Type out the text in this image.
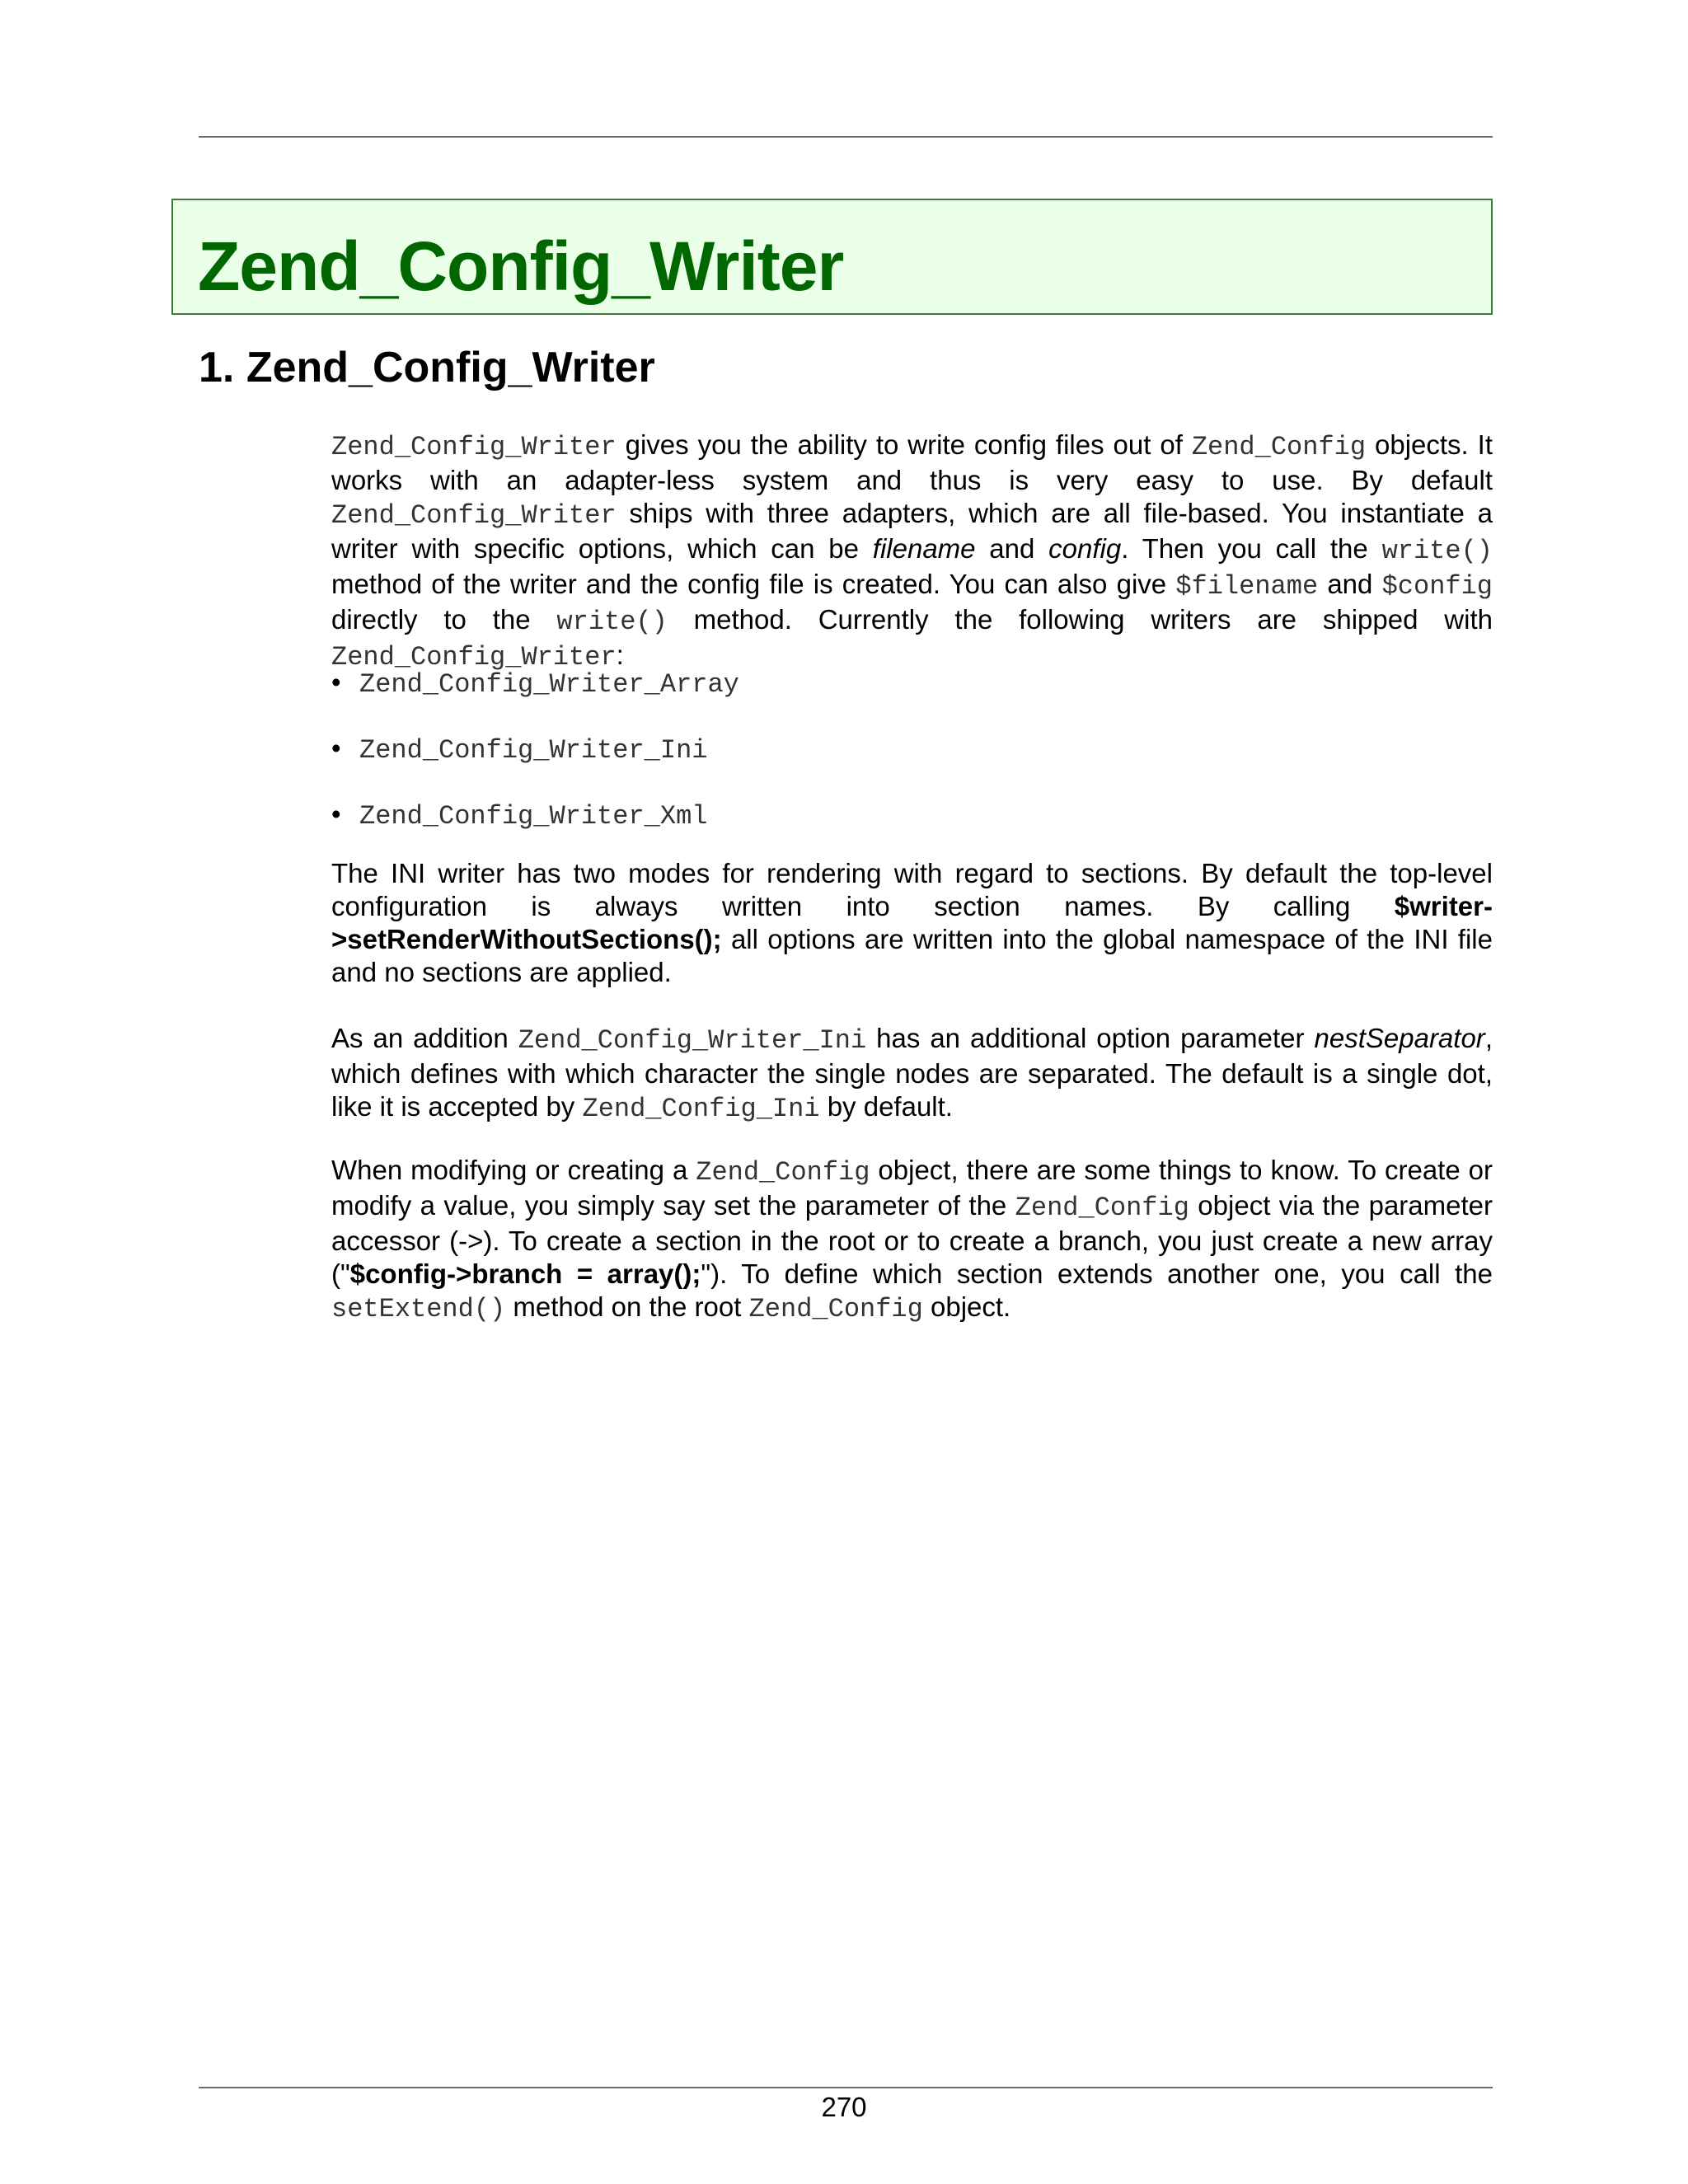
Zend_Config_Writer
1. Zend_Config_Writer

Zend_Config_Writer gives you the ability to write config files out of Zend_Config objects. It works with an adapter-less system and thus is very easy to use. By default Zend_Config_Writer ships with three adapters, which are all file-based. You instantiate a writer with specific options, which can be filename and config. Then you call the write() method of the writer and the config file is created. You can also give $filename and $config directly to the write() method. Currently the following writers are shipped with Zend_Config_Writer:

• Zend_Config_Writer_Array
• Zend_Config_Writer_Ini
• Zend_Config_Writer_Xml

The INI writer has two modes for rendering with regard to sections. By default the top-level configuration is always written into section names. By calling $writer->setRenderWithoutSections(); all options are written into the global namespace of the INI file and no sections are applied.

As an addition Zend_Config_Writer_Ini has an additional option parameter nestSeparator, which defines with which character the single nodes are separated. The default is a single dot, like it is accepted by Zend_Config_Ini by default.

When modifying or creating a Zend_Config object, there are some things to know. To create or modify a value, you simply say set the parameter of the Zend_Config object via the parameter accessor (->). To create a section in the root or to create a branch, you just create a new array ("$config->branch = array();"). To define which section extends another one, you call the setExtend() method on the root Zend_Config object.

270
